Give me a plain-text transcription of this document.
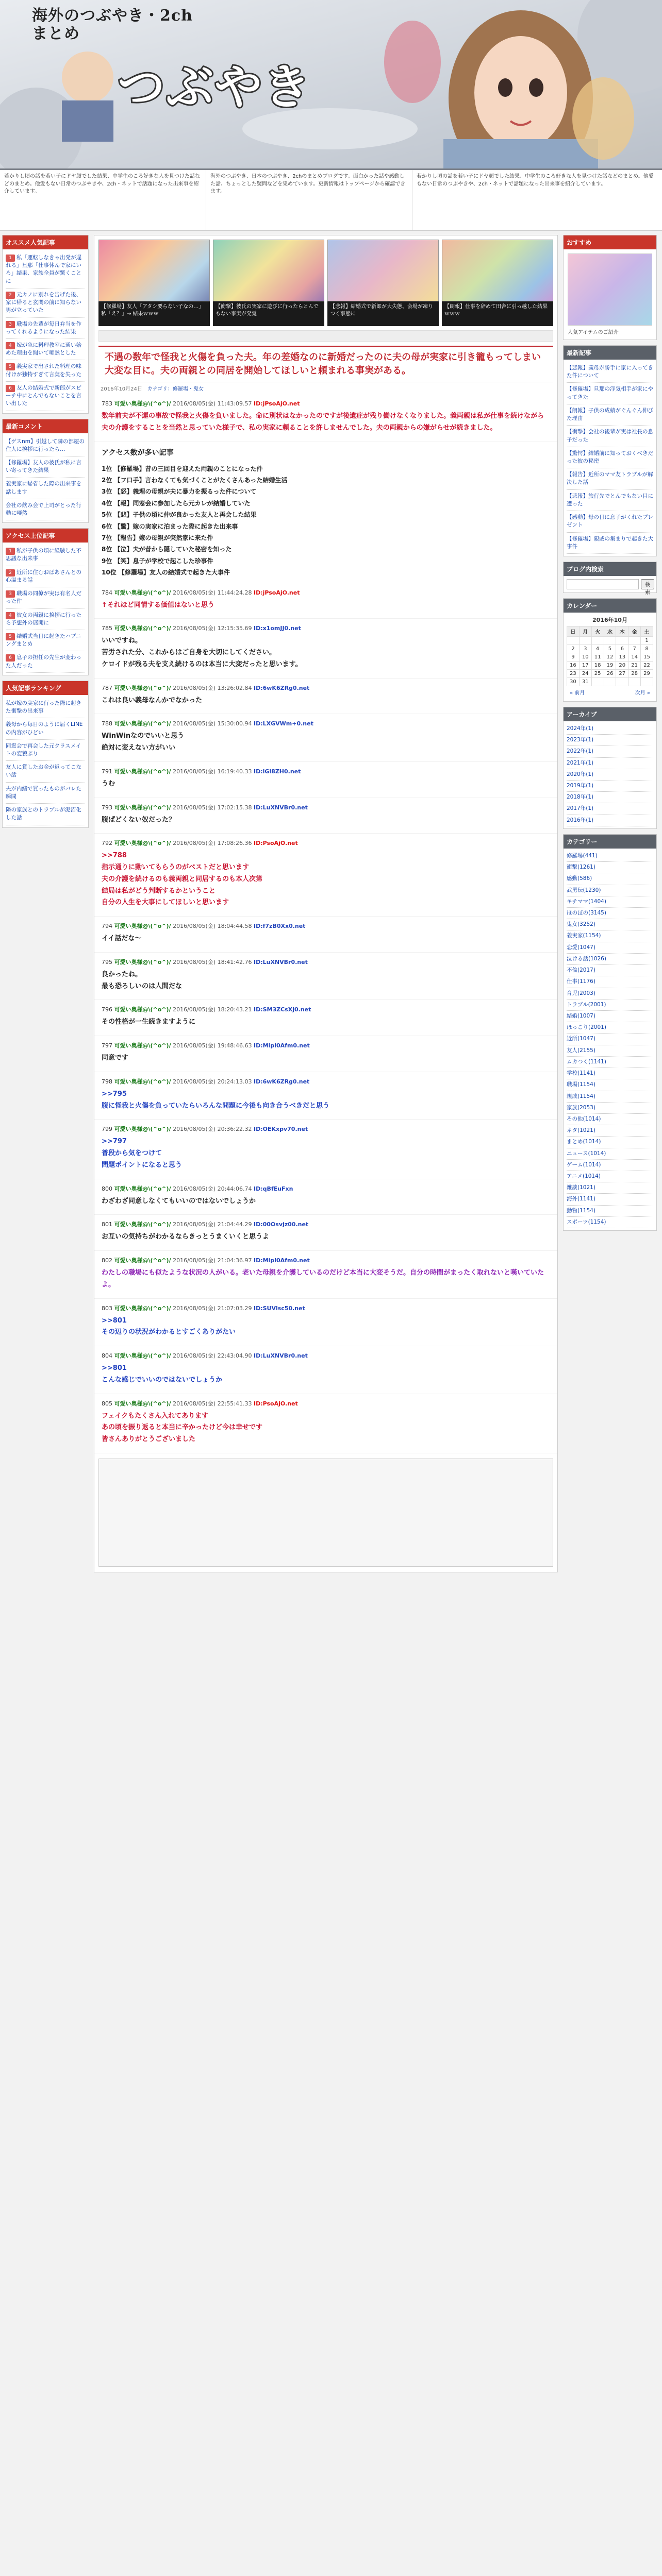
海外のつぶやき・2ch
まとめ
つぶやき
若かりし頃の話を若い子にドヤ顔でした結果、中学生のころ好きな人を見つけた話などのまとめ。他愛もない日常のつぶやきや、2ch・ネットで話題になった出来事を紹介しています。
海外のつぶやき、日本のつぶやき、2chのまとめブログです。面白かった話や感動した話、ちょっとした疑問などを集めています。更新情報はトップページから確認できます。
若かりし頃の話を若い子にドヤ顔でした結果、中学生のころ好きな人を見つけた話などのまとめ。他愛もない日常のつぶやきや、2ch・ネットで話題になった出来事を紹介しています。
オススメ人気記事
1 私「運転しなきゃ出発が遅れる」旦那「仕事休んで家にいろ」結果、家族全員が驚くことに
2 元カノに別れを告げた後、家に帰ると玄関の前に知らない男が立っていた
3 職場の先輩が毎日弁当を作ってくれるようになった結果
4 嫁が急に料理教室に通い始めた理由を聞いて唖然とした
5 義実家で出された料理の味付けが独特すぎて言葉を失った
6 友人の結婚式で新郎がスピーチ中にとんでもないことを言い出した
最新コメント
【ゲスnm】引越して隣の部屋の住人に挨拶に行ったら…
【修羅場】友人の彼氏が私に言い寄ってきた結果
義実家に帰省した際の出来事を話します
会社の飲み会で上司がとった行動に唖然
アクセス上位記事
1 私が子供の頃に経験した不思議な出来事
2 近所に住むおばあさんとの心温まる話
3 職場の同僚が実は有名人だった件
4 彼女の両親に挨拶に行ったら予想外の展開に
5 結婚式当日に起きたハプニングまとめ
6 息子の担任の先生が変わった人だった
人気記事ランキング
私が嫁の実家に行った際に起きた衝撃の出来事
義母から毎日のように届くLINEの内容がひどい
同窓会で再会した元クラスメイトの変貌ぶり
友人に貸したお金が返ってこない話
夫が内緒で買ったものがバレた瞬間
隣の家族とのトラブルが泥沼化した話
【修羅場】友人「アタシ要らない子なの…」私「え？」→ 結果ｗｗｗ
【衝撃】彼氏の実家に遊びに行ったらとんでもない事実が発覚
【悲報】結婚式で新郎が大失態、会場が凍りつく事態に
【朗報】仕事を辞めて田舎に引っ越した結果ｗｗｗ
不遇の数年で怪我と火傷を負った夫。年の差婚なのに新婚だったのに夫の母が実家に引き籠もってしまい大変な目に。夫の両親との同居を開始してほしいと頼まれる事実がある。
2016年10月24日 カテゴリ：修羅場・鬼女
783 可愛い奥様@\(^o^)/ 2016/08/05(金) 11:43:09.57 ID:jPsoAjO.net
数年前夫が不運の事故で怪我と火傷を負いました。命に別状はなかったのですが後遺症が残り働けなくなりました。義両親は私が仕事を続けながら夫の介護をすることを当然と思っていた様子で、私の実家に頼ることを許しませんでした。夫の両親からの嫌がらせが続きました。
アクセス数が多い記事
1位 【修羅場】昔の三回目を迎えた両親のことになった件
2位 【フ口手】言わなくても気づくことがたくさんあった結婚生活
3位 【怒】義理の母親が夫に暴力を振るった件について
4位 【報】同窓会に参加したら元カレが結婚していた
5位 【悲】子供の頃に仲が良かった友人と再会した結果
6位 【驚】嫁の実家に泊まった際に起きた出来事
7位 【報告】嫁の母親が突然家に来た件
8位 【泣】夫が昔から隠していた秘密を知った
9位 【笑】息子が学校で起こした珍事件
10位 【修羅場】友人の結婚式で起きた大事件
784 可愛い奥様@\(^o^)/ 2016/08/05(金) 11:44:24.28 ID:jPsoAjO.net
↑それほど同情する価値はないと思う
785 可愛い奥様@\(^o^)/ 2016/08/05(金) 12:15:35.69 ID:x1omJJ0.net
いいですね。
苦労された分、これからはご自身を大切にしてください。
ケロイドが残る夫を支え続けるのは本当に大変だったと思います。
787 可愛い奥様@\(^o^)/ 2016/08/05(金) 13:26:02.84 ID:6wK6ZRg0.net
これは良い義母なんかでなかった
788 可愛い奥様@\(^o^)/ 2016/08/05(金) 15:30:00.94 ID:LXGVWm+0.net
WinWinなのでいいと思う
絶対に変えない方がいい
791 可愛い奥様@\(^o^)/ 2016/08/05(金) 16:19:40.33 ID:lGi8ZH0.net
うむ
793 可愛い奥様@\(^o^)/ 2016/08/05(金) 17:02:15.38 ID:LuXNVBr0.net
腹ぱどくない奴だった？
792 可愛い奥様@\(^o^)/ 2016/08/05(金) 17:08:26.36 ID:PsoAjO.net
>>788
指示通りに動いてもらうのがベストだと思います
夫の介護を続けるのも義両親と同居するのも本人次第
結局は私がどう判断するかということ
自分の人生を大事にしてほしいと思います
794 可愛い奥様@\(^o^)/ 2016/08/05(金) 18:04:44.58 ID:f7zB0Xx0.net
イイ話だな〜
795 可愛い奥様@\(^o^)/ 2016/08/05(金) 18:41:42.76 ID:LuXNVBr0.net
良かったね。
最も恐ろしいのは人間だな
796 可愛い奥様@\(^o^)/ 2016/08/05(金) 18:20:43.21 ID:SM3ZCsXj0.net
その性格が一生続きますように
797 可愛い奥様@\(^o^)/ 2016/08/05(金) 19:48:46.63 ID:Mipl0Afm0.net
同意です
798 可愛い奥様@\(^o^)/ 2016/08/05(金) 20:24:13.03 ID:6wK6ZRg0.net
>>795
腹に怪我と火傷を負っていたらいろんな問題に今後も向き合うべきだと思う
799 可愛い奥様@\(^o^)/ 2016/08/05(金) 20:36:22.32 ID:OEKxpv70.net
>>797
普段から気をつけて
問題ポイントになると思う
800 可愛い奥様@\(^o^)/ 2016/08/05(金) 20:44:06.74 ID:qBfEuFxn
わざわざ同意しなくてもいいのではないでしょうか
801 可愛い奥様@\(^o^)/ 2016/08/05(金) 21:04:44.29 ID:00Osvjz00.net
お互いの気持ちがわかるならきっとうまくいくと思うよ
802 可愛い奥様@\(^o^)/ 2016/08/05(金) 21:04:36.97 ID:Mipl0Afm0.net
わたしの職場にも似たような状況の人がいる。老いた母親を介護しているのだけど本当に大変そうだ。自分の時間がまったく取れないと嘆いていたよ。
803 可愛い奥様@\(^o^)/ 2016/08/05(金) 21:07:03.29 ID:SUVlsc50.net
>>801
その辺りの状況がわかるとすごくありがたい
804 可愛い奥様@\(^o^)/ 2016/08/05(金) 22:43:04.90 ID:LuXNVBr0.net
>>801
こんな感じでいいのではないでしょうか
805 可愛い奥様@\(^o^)/ 2016/08/05(金) 22:55:41.33 ID:PsoAjO.net
フェイクもたくさん入れてあります
あの頃を振り返ると本当に辛かったけど今は幸せです
皆さんありがとうございました
おすすめ
人気アイテムのご紹介
最新記事
【悲報】義母が勝手に家に入ってきた件について
【修羅場】旦那の浮気相手が家にやってきた
【朗報】子供の成績がぐんぐん伸びた理由
【衝撃】会社の後輩が実は社長の息子だった
【驚愕】結婚前に知っておくべきだった彼の秘密
【報告】近所のママ友トラブルが解決した話
【悲報】旅行先でとんでもない目に遭った
【感動】母の日に息子がくれたプレゼント
【修羅場】親戚の集まりで起きた大事件
ブログ内検索
検索
カレンダー
2016年10月
日	月	火	水	木	金	土
						1
2	3	4	5	6	7	8
9	10	11	12	13	14	15
16	17	18	19	20	21	22
23	24	25	26	27	28	29
30	31					
« 前月	次月 »
アーカイブ
2024年(1)
2023年(1)
2022年(1)
2021年(1)
2020年(1)
2019年(1)
2018年(1)
2017年(1)
2016年(1)
カテゴリー
修羅場(441)
衝撃(1261)
感動(586)
武勇伝(1230)
キチママ(1404)
ほのぼの(3145)
鬼女(3252)
義実家(1154)
恋愛(1047)
泣ける話(1026)
不倫(2017)
仕事(1176)
育児(2003)
トラブル(2001)
結婚(1007)
ほっこり(2001)
近所(1047)
友人(2155)
ムカつく(1141)
学校(1141)
職場(1154)
親戚(1154)
家族(2053)
その他(1014)
ネタ(1021)
まとめ(1014)
ニュース(1014)
ゲーム(1014)
アニメ(1014)
雑談(1021)
海外(1141)
動物(1154)
スポーツ(1154)
